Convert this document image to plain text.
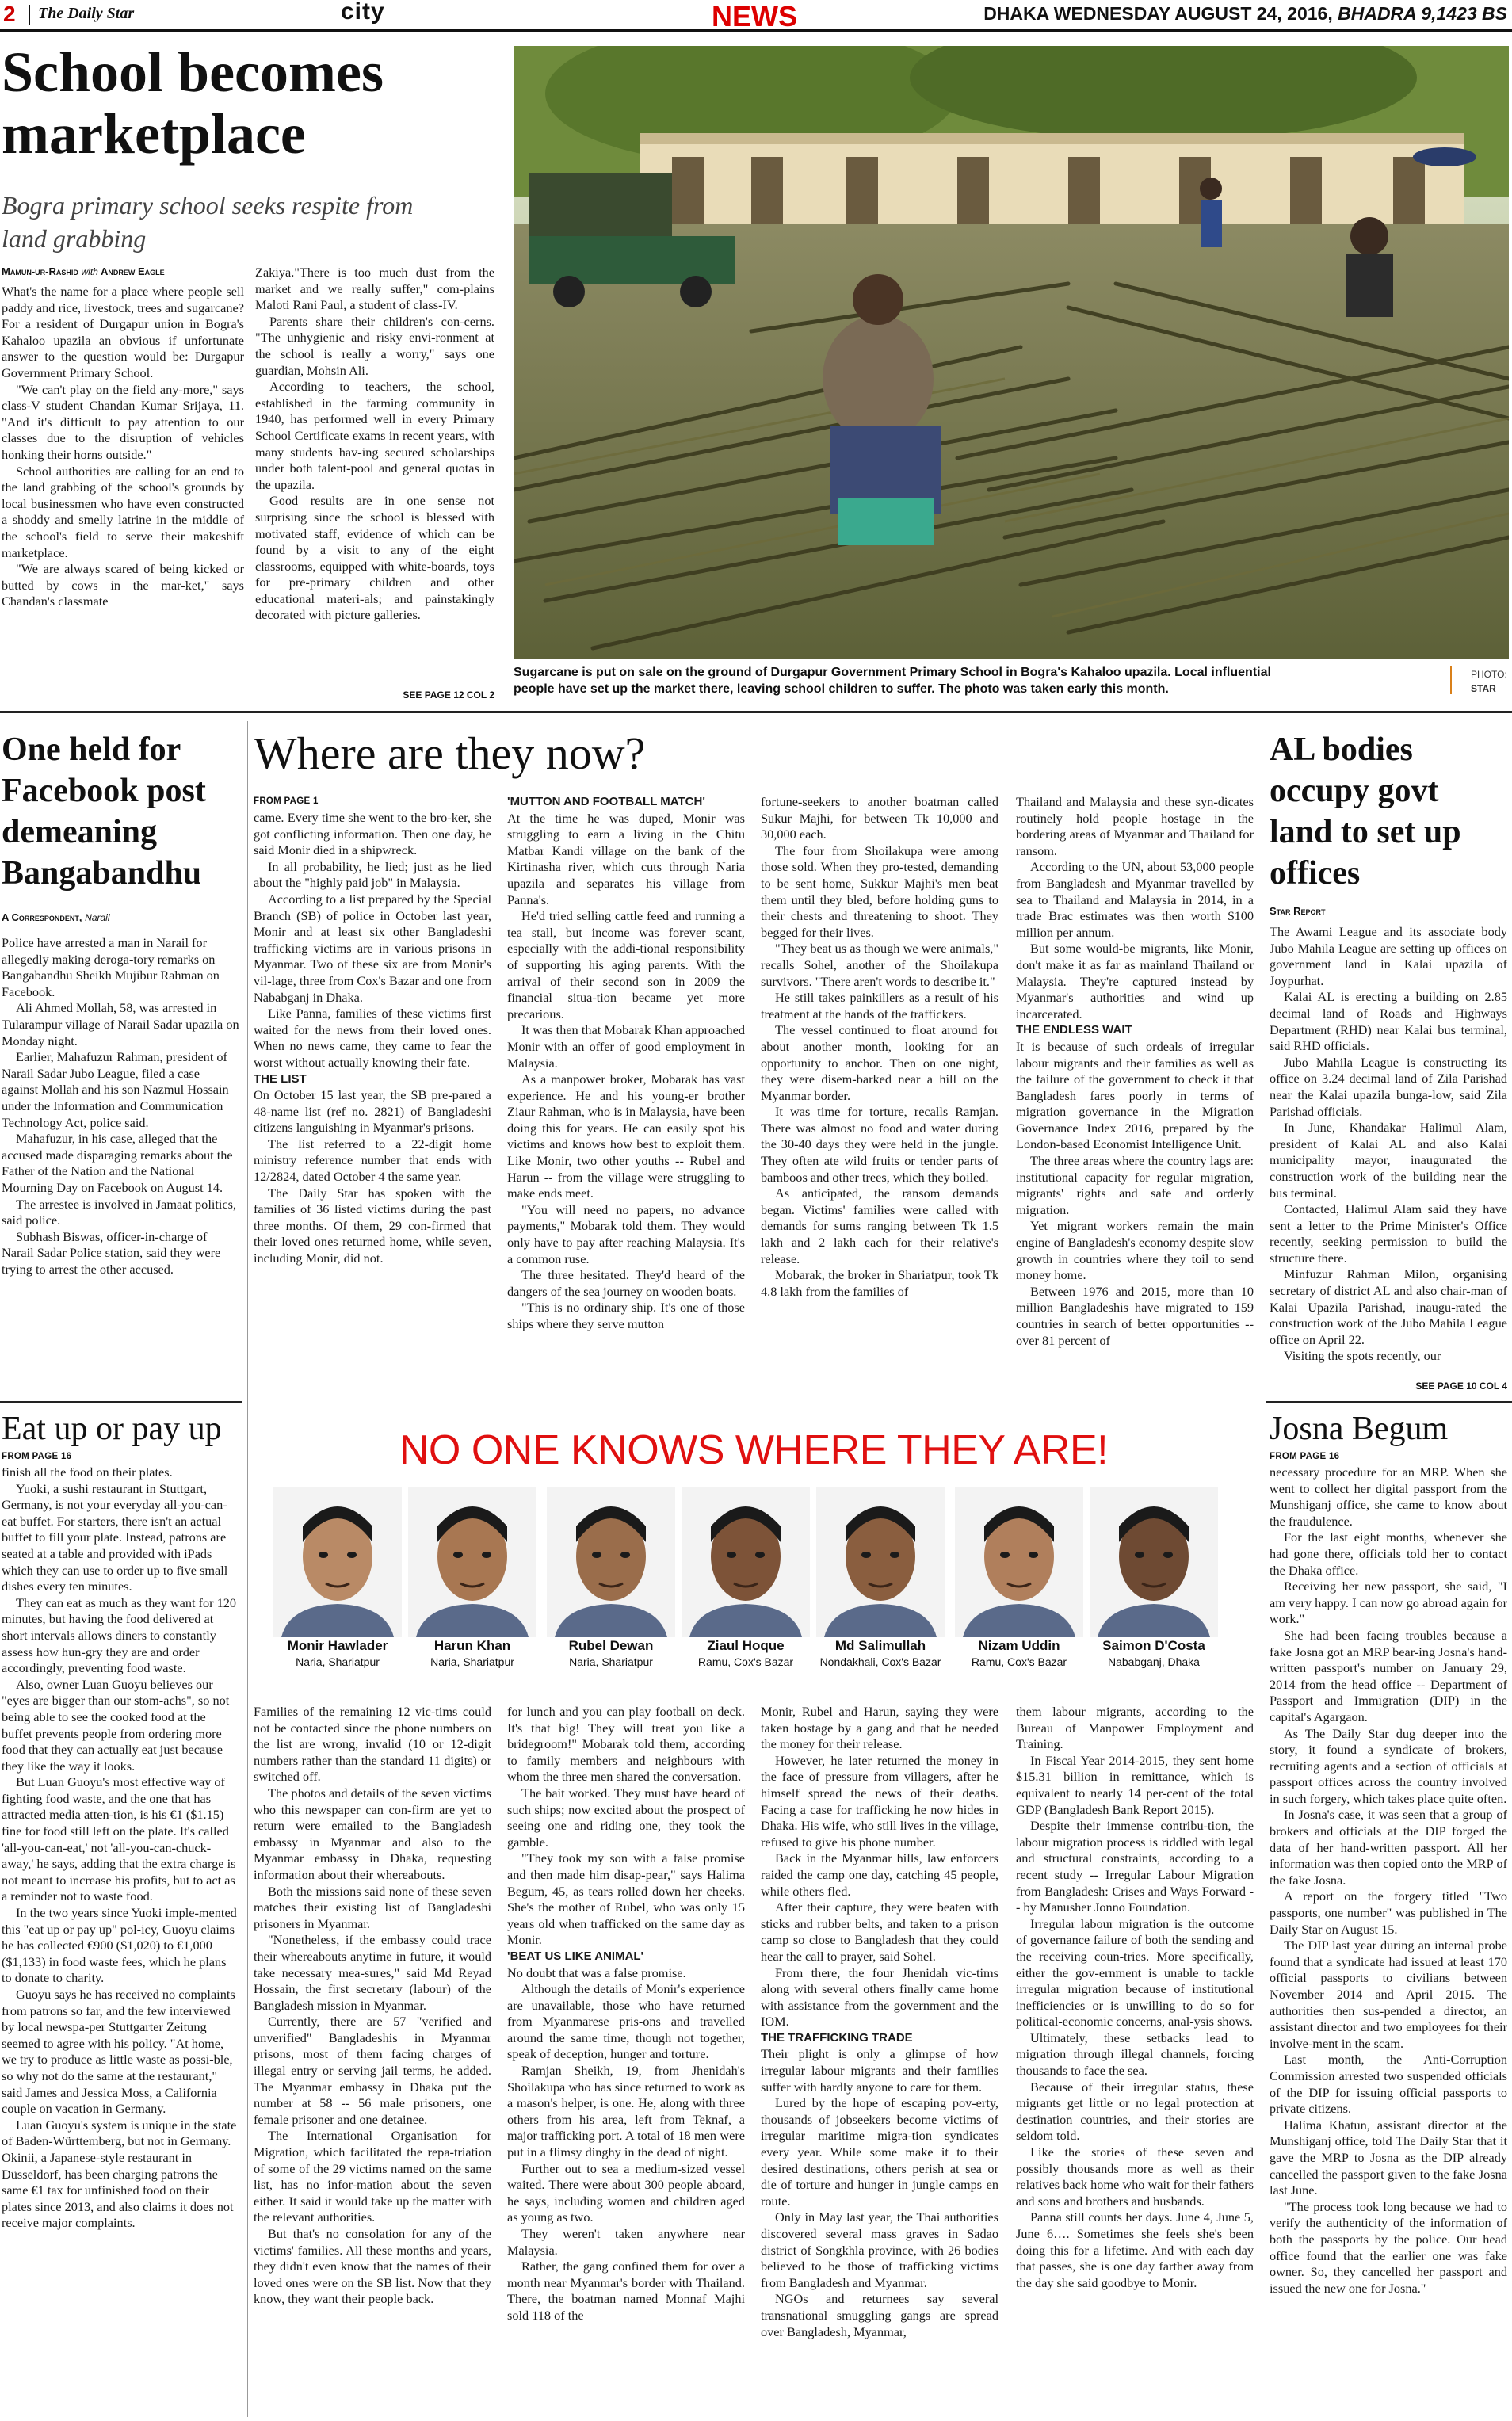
2 The Daily Star	city	NEWS	DHAKA WEDNESDAY AUGUST 24, 2016, BHADRA 9,1423 BS
School becomes marketplace
Bogra primary school seeks respite from land grabbing
Mamun-ur-Rashid with Andrew Eagle

What's the name for a place where people sell paddy and rice, livestock, trees and sugarcane? For a resident of Durgapur union in Bogra's Kahaloo upazila an obvious if unfortunate answer to the question would be: Durgapur Government Primary School.

"We can't play on the field any-more," says class-V student Chandan Kumar Srijaya, 11. "And it's difficult to pay attention to our classes due to the disruption of vehicles honking their horns outside."

School authorities are calling for an end to the land grabbing of the school's grounds by local businessmen who have even constructed a shoddy and smelly latrine in the middle of the school's field to serve their makeshift marketplace.

"We are always scared of being kicked or butted by cows in the mar-ket," says Chandan's classmate

Zakiya."There is too much dust from the market and we really suffer," com-plains Maloti Rani Paul, a student of class-IV.

Parents share their children's con-cerns. "The unhygienic and risky envi-ronment at the school is really a worry," says one guardian, Mohsin Ali.

According to teachers, the school, established in the farming community in 1940, has performed well in every Primary School Certificate exams in recent years, with many students hav-ing secured scholarships under both talent-pool and general quotas in the upazila.

Good results are in one sense not surprising since the school is blessed with motivated staff, evidence of which can be found by a visit to any of the eight classrooms, equipped with white-boards, toys for pre-primary children and other educational materi-als; and painstakingly decorated with picture galleries.

SEE PAGE 12 COL 2
Sugarcane is put on sale on the ground of Durgapur Government Primary School in Bogra's Kahaloo upazila. Local influential people have set up the market there, leaving school children to suffer. The photo was taken early this month.
PHOTO:
STAR
One held for Facebook post demeaning Bangabandhu
A Correspondent, Narail

Police have arrested a man in Narail for allegedly making deroga-tory remarks on Bangabandhu Sheikh Mujibur Rahman on Facebook.

Ali Ahmed Mollah, 58, was arrested in Tularampur village of Narail Sadar upazila on Monday night.

Earlier, Mahafuzur Rahman, president of Narail Sadar Jubo League, filed a case against Mollah and his son Nazmul Hossain under the Information and Communication Technology Act, police said.

Mahafuzur, in his case, alleged that the accused made disparaging remarks about the Father of the Nation and the National Mourning Day on Facebook on August 14.

The arrestee is involved in Jamaat politics, said police.

Subhash Biswas, officer-in-charge of Narail Sadar Police station, said they were trying to arrest the other accused.

Eat up or pay up
FROM PAGE 16

finish all the food on their plates.

Yuoki, a sushi restaurant in Stuttgart, Germany, is not your everyday all-you-can-eat buffet. For starters, there isn't an actual buffet to fill your plate. Instead, patrons are seated at a table and provided with iPads which they can use to order up to five small dishes every ten minutes.

They can eat as much as they want for 120 minutes, but having the food delivered at short intervals allows diners to constantly assess how hun-gry they are and order accordingly, preventing food waste.

Also, owner Luan Guoyu believes our "eyes are bigger than our stom-achs", so not being able to see the cooked food at the buffet prevents people from ordering more food that they can actually eat just because they like the way it looks.

But Luan Guoyu's most effective way of fighting food waste, and the one that has attracted media atten-tion, is his €1 ($1.15) fine for food still left on the plate. It's called 'all-you-can-eat,' not 'all-you-can-chuck-away,' he says, adding that the extra charge is not meant to increase his profits, but to act as a reminder not to waste food.

In the two years since Yuoki imple-mented this "eat up or pay up" pol-icy, Guoyu claims he has collected €900 ($1,020) to €1,000 ($1,133) in food waste fees, which he plans to donate to charity.

Guoyu says he has received no complaints from patrons so far, and the few interviewed by local newspa-per Stuttgarter Zeitung seemed to agree with his policy. "At home, we try to produce as little waste as possi-ble, so why not do the same at the restaurant," said James and Jessica Moss, a California couple on vacation in Germany.

Luan Guoyu's system is unique in the state of Baden-Württemberg, but not in Germany. Okinii, a Japanese-style restaurant in Düsseldorf, has been charging patrons the same €1 tax for unfinished food on their plates since 2013, and also claims it does not receive major complaints.

Where are they now?
FROM PAGE 1

came. Every time she went to the bro-ker, she got conflicting information. Then one day, he said Monir died in a shipwreck.

In all probability, he lied; just as he lied about the "highly paid job" in Malaysia.

According to a list prepared by the Special Branch (SB) of police in October last year, Monir and at least six other Bangladeshi trafficking victims are in various prisons in Myanmar. Two of these six are from Monir's vil-lage, three from Cox's Bazar and one from Nababganj in Dhaka.

Like Panna, families of these victims first waited for the news from their loved ones. When no news came, they came to fear the worst without actually knowing their fate.

THE LIST

On October 15 last year, the SB pre-pared a 48-name list (ref no. 2821) of Bangladeshi citizens languishing in Myanmar's prisons.

The list referred to a 22-digit home ministry reference number that ends with 12/2824, dated October 4 the same year.

The Daily Star has spoken with the families of 36 listed victims during the past three months. Of them, 29 con-firmed that their loved ones returned home, while seven, including Monir, did not.

'MUTTON AND FOOTBALL MATCH'

At the time he was duped, Monir was struggling to earn a living in the Chitu Matbar Kandi village on the bank of the Kirtinasha river, which cuts through Naria upazila and separates his village from Panna's.

He'd tried selling cattle feed and running a tea stall, but income was forever scant, especially with the addi-tional responsibility of supporting his aging parents. With the arrival of their second son in 2009 the financial situa-tion became yet more precarious.

It was then that Mobarak Khan approached Monir with an offer of good employment in Malaysia.

As a manpower broker, Mobarak has vast experience. He and his young-er brother Ziaur Rahman, who is in Malaysia, have been doing this for years. He can easily spot his victims and knows how best to exploit them. Like Monir, two other youths -- Rubel and Harun -- from the village were struggling to make ends meet.

"You will need no papers, no advance payments," Mobarak told them. They would only have to pay after reaching Malaysia. It's a common ruse.

The three hesitated. They'd heard of the dangers of the sea journey on wooden boats.

"This is no ordinary ship. It's one of those ships where they serve mutton

fortune-seekers to another boatman called Sukur Majhi, for between Tk 10,000 and 30,000 each.

The four from Shoilakupa were among those sold. When they pro-tested, demanding to be sent home, Sukkur Majhi's men beat them until they bled, before holding guns to their chests and threatening to shoot. They begged for their lives.

"They beat us as though we were animals," recalls Sohel, another of the Shoilakupa survivors. "There aren't words to describe it."

He still takes painkillers as a result of his treatment at the hands of the traffickers.

The vessel continued to float around for about another month, looking for an opportunity to anchor. Then on one night, they were disem-barked near a hill on the Myanmar border.

It was time for torture, recalls Ramjan. There was almost no food and water during the 30-40 days they were held in the jungle. They often ate wild fruits or tender parts of bamboos and other trees, which they boiled.

As anticipated, the ransom demands began. Victims' families were called with demands for sums ranging between Tk 1.5 lakh and 2 lakh each for their relative's release.

Mobarak, the broker in Shariatpur, took Tk 4.8 lakh from the families of

Thailand and Malaysia and these syn-dicates routinely hold people hostage in the bordering areas of Myanmar and Thailand for ransom.

According to the UN, about 53,000 people from Bangladesh and Myanmar travelled by sea to Thailand and Malaysia in 2014, in a trade Brac estimates was then worth $100 million per annum.

But some would-be migrants, like Monir, don't make it as far as mainland Thailand or Malaysia. They're captured instead by Myanmar's authorities and wind up incarcerated.

THE ENDLESS WAIT

It is because of such ordeals of irregular labour migrants and their families as well as the failure of the government to check it that Bangladesh fares poorly in terms of migration governance in the Migration Governance Index 2016, prepared by the London-based Economist Intelligence Unit.

The three areas where the country lags are: institutional capacity for regular migration, migrants' rights and safe and orderly migration.

Yet migrant workers remain the main engine of Bangladesh's economy despite slow growth in countries where they toil to send money home.

Between 1976 and 2015, more than 10 million Bangladeshis have migrated to 159 countries in search of better opportunities -- over 81 percent of

NO ONE KNOWS WHERE THEY ARE!
Monir Hawlader
Naria, Shariatpur
Harun Khan
Naria, Shariatpur
Rubel Dewan
Naria, Shariatpur
Ziaul Hoque
Ramu, Cox's Bazar
Md Salimullah
Nondakhali, Cox's Bazar
Nizam Uddin
Ramu, Cox's Bazar
Saimon D'Costa
Nababganj, Dhaka

Families of the remaining 12 vic-tims could not be contacted since the phone numbers on the list are wrong, invalid (10 or 12-digit numbers rather than the standard 11 digits) or switched off.

The photos and details of the seven victims who this newspaper can con-firm are yet to return were emailed to the Bangladesh embassy in Myanmar and also to the Myanmar embassy in Dhaka, requesting information about their whereabouts.

Both the missions said none of these seven matches their existing list of Bangladeshi prisoners in Myanmar.

"Nonetheless, if the embassy could trace their whereabouts anytime in future, it would take necessary mea-sures," said Md Reyad Hossain, the first secretary (labour) of the Bangladesh mission in Myanmar.

Currently, there are 57 "verified and unverified" Bangladeshis in Myanmar prisons, most of them facing charges of illegal entry or serving jail terms, he added. The Myanmar embassy in Dhaka put the number at 58 -- 56 male prisoners, one female prisoner and one detainee.

The International Organisation for Migration, which facilitated the repa-triation of some of the 29 victims named on the same list, has no infor-mation about the seven either. It said it would take up the matter with the relevant authorities.

But that's no consolation for any of the victims' families. All these months and years, they didn't even know that the names of their loved ones were on the SB list. Now that they know, they want their people back.

for lunch and you can play football on deck. It's that big! They will treat you like a bridegroom!" Mobarak told them, according to family members and neighbours with whom the three men shared the conversation.

The bait worked. They must have heard of such ships; now excited about the prospect of seeing one and riding one, they took the gamble.

"They took my son with a false promise and then made him disap-pear," says Halima Begum, 45, as tears rolled down her cheeks. She's the mother of Rubel, who was only 15 years old when trafficked on the same day as Monir.

'BEAT US LIKE ANIMAL'

No doubt that was a false promise.

Although the details of Monir's experience are unavailable, those who have returned from Myanmarese pris-ons and travelled around the same time, though not together, speak of deception, hunger and torture.

Ramjan Sheikh, 19, from Jhenidah's Shoilakupa who has since returned to work as a mason's helper, is one. He, along with three others from his area, left from Teknaf, a major trafficking port. A total of 18 men were put in a flimsy dinghy in the dead of night.

Further out to sea a medium-sized vessel waited. There were about 300 people aboard, he says, including women and children aged as young as two.

They weren't taken anywhere near Malaysia.

Rather, the gang confined them for over a month near Myanmar's border with Thailand. There, the boatman named Monnaf Majhi sold 118 of the

Monir, Rubel and Harun, saying they were taken hostage by a gang and that he needed the money for their release.

However, he later returned the money in the face of pressure from villagers, after he himself spread the news of their deaths. Facing a case for trafficking he now hides in Dhaka. His wife, who still lives in the village, refused to give his phone number.

Back in the Myanmar hills, law enforcers raided the camp one day, catching 45 people, while others fled.

After their capture, they were beaten with sticks and rubber belts, and taken to a prison camp so close to Bangladesh that they could hear the call to prayer, said Sohel.

From there, the four Jhenidah vic-tims along with several others finally came home with assistance from the government and the IOM.

THE TRAFFICKING TRADE

Their plight is only a glimpse of how irregular labour migrants and their families suffer with hardly anyone to care for them.

Lured by the hope of escaping pov-erty, thousands of jobseekers become victims of irregular maritime migra-tion syndicates every year. While some make it to their desired destinations, others perish at sea or die of torture and hunger in jungle camps en route.

Only in May last year, the Thai authorities discovered several mass graves in Sadao district of Songkhla province, with 26 bodies believed to be those of trafficking victims from Bangladesh and Myanmar.

NGOs and returnees say several transnational smuggling gangs are spread over Bangladesh, Myanmar,

them labour migrants, according to the Bureau of Manpower Employment and Training.

In Fiscal Year 2014-2015, they sent home $15.31 billion in remittance, which is equivalent to nearly 14 per-cent of the total GDP (Bangladesh Bank Report 2015).

Despite their immense contribu-tion, the labour migration process is riddled with legal and structural constraints, according to a recent study -- Irregular Labour Migration from Bangladesh: Crises and Ways Forward -- by Manusher Jonno Foundation.

Irregular labour migration is the outcome of governance failure of both the sending and the receiving coun-tries. More specifically, either the gov-ernment is unable to tackle irregular migration because of institutional inefficiencies or is unwilling to do so for political-economic concerns, anal-ysis shows.

Ultimately, these setbacks lead to migration through illegal channels, forcing thousands to face the sea.

Because of their irregular status, these migrants get little or no legal protection at destination countries, and their stories are seldom told.

Like the stories of these seven and possibly thousands more as well as their relatives back home who wait for their fathers and sons and brothers and husbands.

Panna still counts her days. June 4, June 5, June 6…. Sometimes she feels she's been doing this for a lifetime. And with each day that passes, she is one day farther away from the day she said goodbye to Monir.

AL bodies occupy govt land to set up offices
Star Report

The Awami League and its associate body Jubo Mahila League are setting up offices on government land in Kalai upazila of Joypurhat.

Kalai AL is erecting a building on 2.85 decimal land of Roads and Highways Department (RHD) near Kalai bus terminal, said RHD officials.

Jubo Mahila League is constructing its office on 3.24 decimal land of Zila Parishad near the Kalai upazila bunga-low, said Zila Parishad officials.

In June, Khandakar Halimul Alam, president of Kalai AL and also Kalai municipality mayor, inaugurated the construction work of the building near the bus terminal.

Contacted, Halimul Alam said they have sent a letter to the Prime Minister's Office recently, seeking permission to build the structure there.

Minfuzur Rahman Milon, organising secretary of district AL and also chair-man of Kalai Upazila Parishad, inaugu-rated the construction work of the Jubo Mahila League office on April 22.

Visiting the spots recently, our

SEE PAGE 10 COL 4
Josna Begum
FROM PAGE 16

necessary procedure for an MRP. When she went to collect her digital passport from the Munshiganj office, she came to know about the fraudulence.

For the last eight months, whenever she had gone there, officials told her to contact the Dhaka office.

Receiving her new passport, she said, "I am very happy. I can now go abroad again for work."

She had been facing troubles because a fake Josna got an MRP bear-ing Josna's hand-written passport's number on January 29, 2014 from the head office -- Department of Passport and Immigration (DIP) in the capital's Agargaon.

As The Daily Star dug deeper into the story, it found a syndicate of brokers, recruiting agents and a section of officials at passport offices across the country involved in such forgery, which takes place quite often.

In Josna's case, it was seen that a group of brokers and officials at the DIP forged the data of her hand-written passport. All her information was then copied onto the MRP of the fake Josna.

A report on the forgery titled "Two passports, one number" was published in The Daily Star on August 15.

The DIP last year during an internal probe found that a syndicate had issued at least 170 official passports to civilians between November 2014 and April 2015. The authorities then sus-pended a director, an assistant director and two employees for their involve-ment in the scam.

Last month, the Anti-Corruption Commission arrested two suspended officials of the DIP for issuing official passports to private citizens.

Halima Khatun, assistant director at the Munshiganj office, told The Daily Star that it gave the MRP to Josna as the DIP already cancelled the passport given to the fake Josna last June.

"The process took long because we had to verify the authenticity of the information of both the passports by the police. Our head office found that the earlier one was fake owner. So, they cancelled her passport and issued the new one for Josna."
